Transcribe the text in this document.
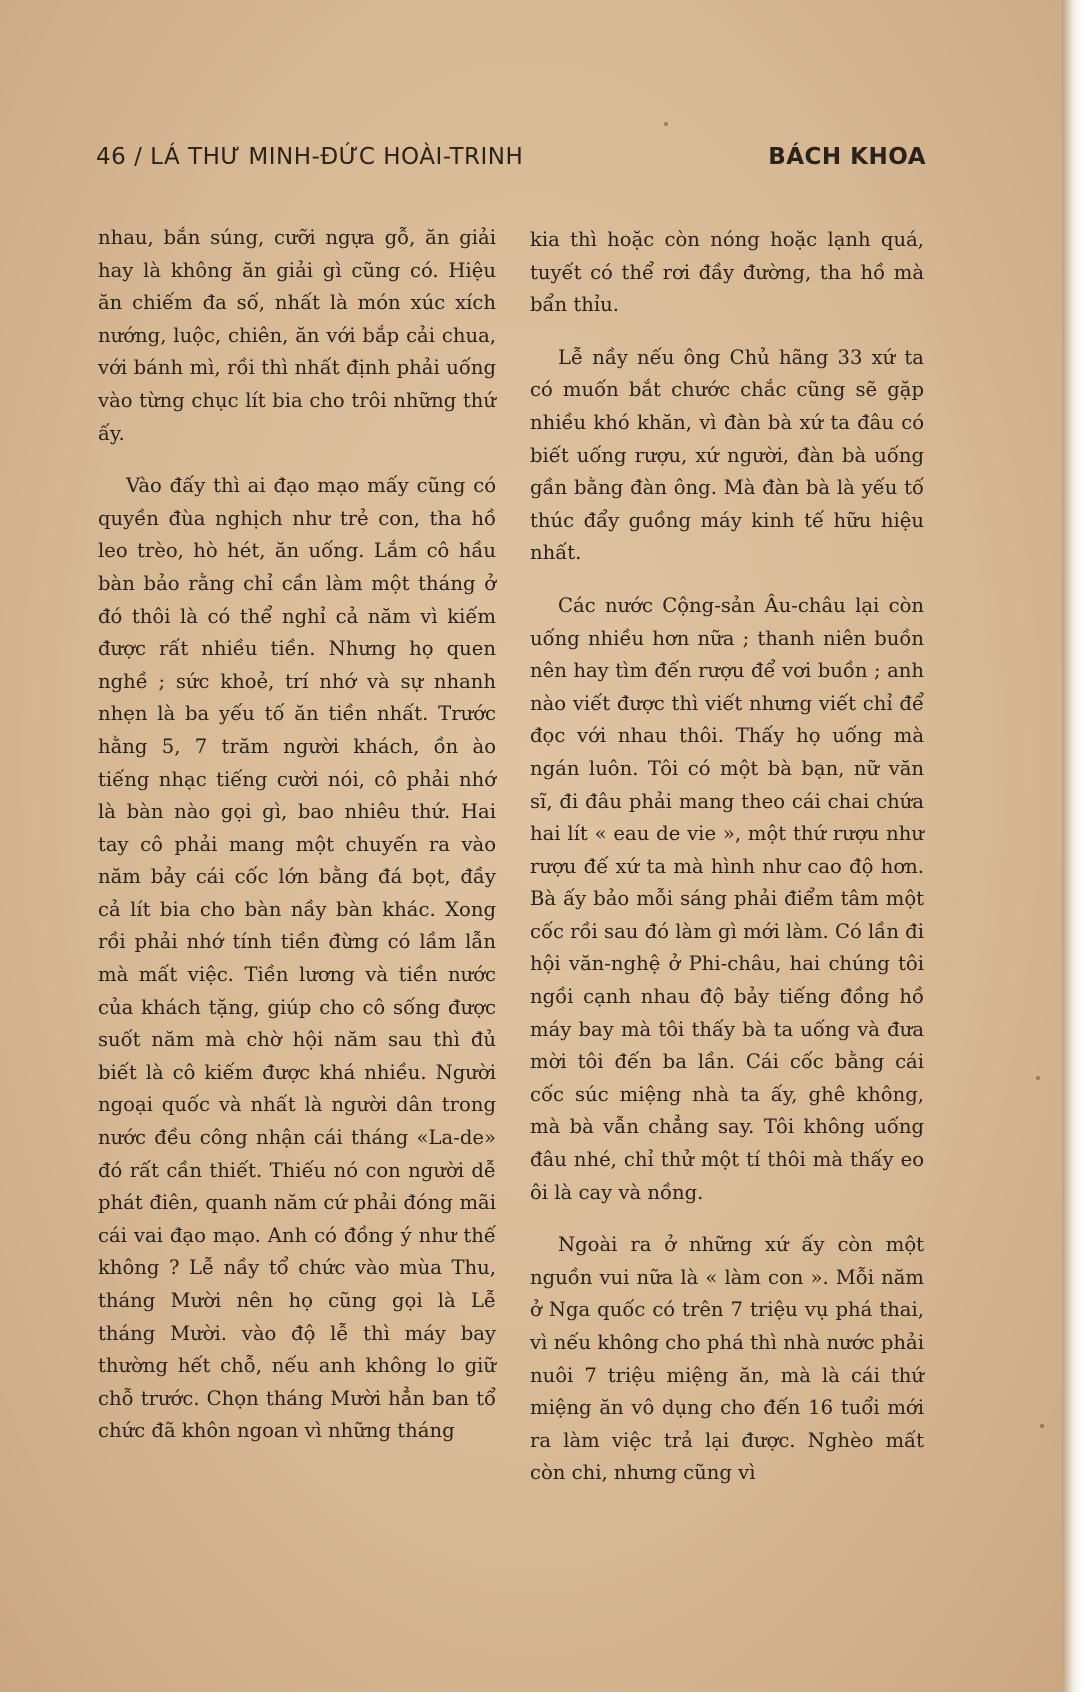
46 / LÁ THƯ MINH-ĐỨC HOÀI-TRINH	BÁCH KHOA

nhau, bắn súng, cưỡi ngựa gỗ, ăn giải hay là không ăn giải gì cũng có. Hiệu ăn chiếm đa số, nhất là món xúc xích nướng, luộc, chiên, ăn với bắp cải chua, với bánh mì, rồi thì nhất định phải uống vào từng chục lít bia cho trôi những thứ ấy.

Vào đấy thì ai đạo mạo mấy cũng có quyền đùa nghịch như trẻ con, tha hồ leo trèo, hò hét, ăn uống. Lắm cô hầu bàn bảo rằng chỉ cần làm một tháng ở đó thôi là có thể nghỉ cả năm vì kiếm được rất nhiều tiền. Nhưng họ quen nghề ; sức khoẻ, trí nhớ và sự nhanh nhẹn là ba yếu tố ăn tiền nhất. Trước hằng 5, 7 trăm người khách, ồn ào tiếng nhạc tiếng cười nói, cô phải nhớ là bàn nào gọi gì, bao nhiêu thứ. Hai tay cô phải mang một chuyến ra vào năm bảy cái cốc lớn bằng đá bọt, đầy cả lít bia cho bàn nầy bàn khác. Xong rồi phải nhớ tính tiền đừng có lầm lẫn mà mất việc. Tiền lương và tiền nước của khách tặng, giúp cho cô sống được suốt năm mà chờ hội năm sau thì đủ biết là cô kiếm được khá nhiều. Người ngoại quốc và nhất là người dân trong nước đều công nhận cái tháng «La-de» đó rất cần thiết. Thiếu nó con người dễ phát điên, quanh năm cứ phải đóng mãi cái vai đạo mạo. Anh có đồng ý như thế không ? Lễ nầy tổ chức vào mùa Thu, tháng Mười nên họ cũng gọi là Lễ tháng Mười. vào độ lễ thì máy bay thường hết chỗ, nếu anh không lo giữ chỗ trước. Chọn tháng Mười hẳn ban tổ chức đã khôn ngoan vì những tháng

kia thì hoặc còn nóng hoặc lạnh quá, tuyết có thể rơi đầy đường, tha hồ mà bẩn thỉu.

Lễ nầy nếu ông Chủ hãng 33 xứ ta có muốn bắt chước chắc cũng sẽ gặp nhiều khó khăn, vì đàn bà xứ ta đâu có biết uống rượu, xứ người, đàn bà uống gần bằng đàn ông. Mà đàn bà là yếu tố thúc đẩy guồng máy kinh tế hữu hiệu nhất.

Các nước Cộng-sản Âu-châu lại còn uống nhiều hơn nữa ; thanh niên buồn nên hay tìm đến rượu để vơi buồn ; anh nào viết được thì viết nhưng viết chỉ để đọc với nhau thôi. Thấy họ uống mà ngán luôn. Tôi có một bà bạn, nữ văn sĩ, đi đâu phải mang theo cái chai chứa hai lít « eau de vie », một thứ rượu như rượu đế xứ ta mà hình như cao độ hơn. Bà ấy bảo mỗi sáng phải điểm tâm một cốc rồi sau đó làm gì mới làm. Có lần đi hội văn-nghệ ở Phi-châu, hai chúng tôi ngồi cạnh nhau độ bảy tiếng đồng hồ máy bay mà tôi thấy bà ta uống và đưa mời tôi đến ba lần. Cái cốc bằng cái cốc súc miệng nhà ta ấy, ghê không, mà bà vẫn chẳng say. Tôi không uống đâu nhé, chỉ thử một tí thôi mà thấy eo ôi là cay và nồng.

Ngoài ra ở những xứ ấy còn một nguồn vui nữa là « làm con ». Mỗi năm ở Nga quốc có trên 7 triệu vụ phá thai, vì nếu không cho phá thì nhà nước phải nuôi 7 triệu miệng ăn, mà là cái thứ miệng ăn vô dụng cho đến 16 tuổi mới ra làm việc trả lại được. Nghèo mất còn chi, nhưng cũng vì
